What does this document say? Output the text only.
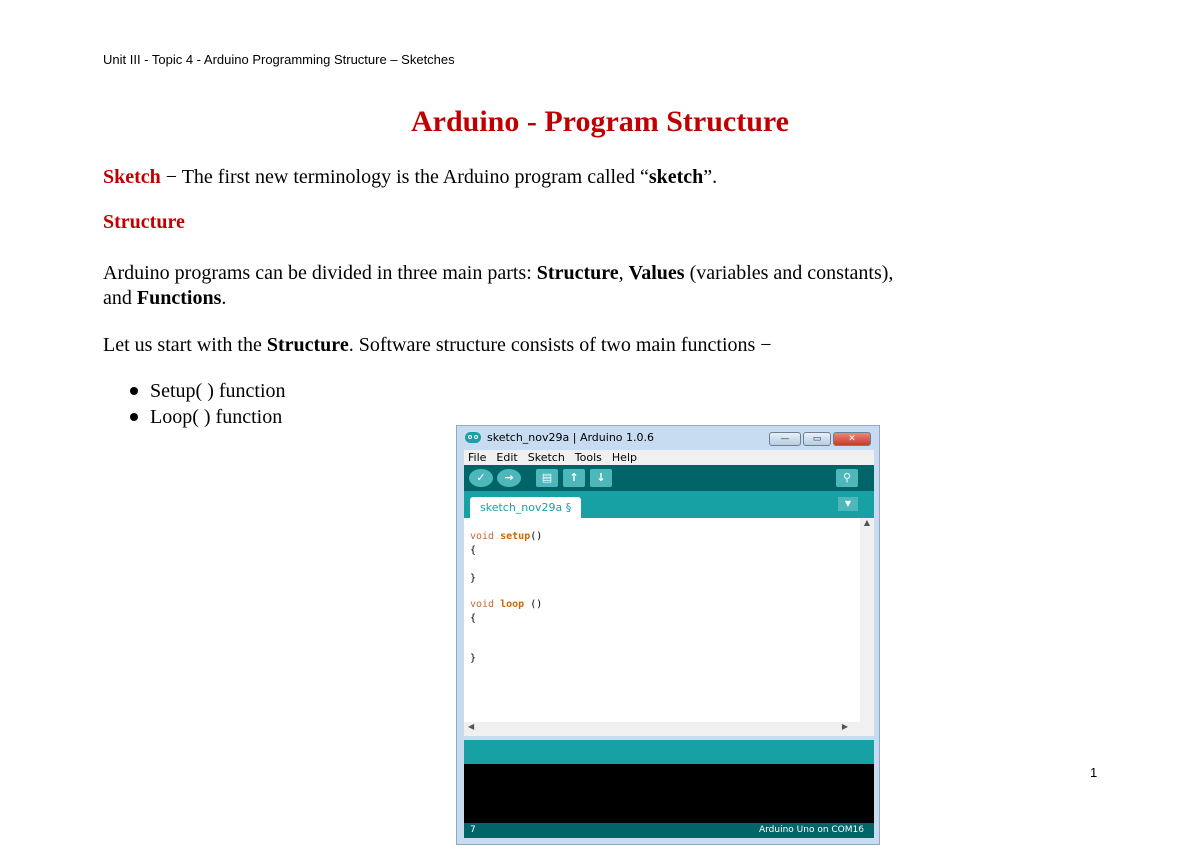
Unit III - Topic 4 - Arduino Programming Structure – Sketches
Arduino - Program Structure
Sketch − The first new terminology is the Arduino program called “sketch”.
Structure
Arduino programs can be divided in three main parts: Structure, Values (variables and constants),
and Functions.
Let us start with the Structure. Software structure consists of two main functions −
Setup( ) function
Loop( ) function
sketch_nov29a | Arduino 1.0.6	—	▭	✕
File Edit Sketch Tools Help
✓	→	▤	↑	↓	⚲
sketch_nov29a §	▼
void setup()
{
}
void loop ()
{
}
▲
◀	▶
7	Arduino Uno on COM16
1
